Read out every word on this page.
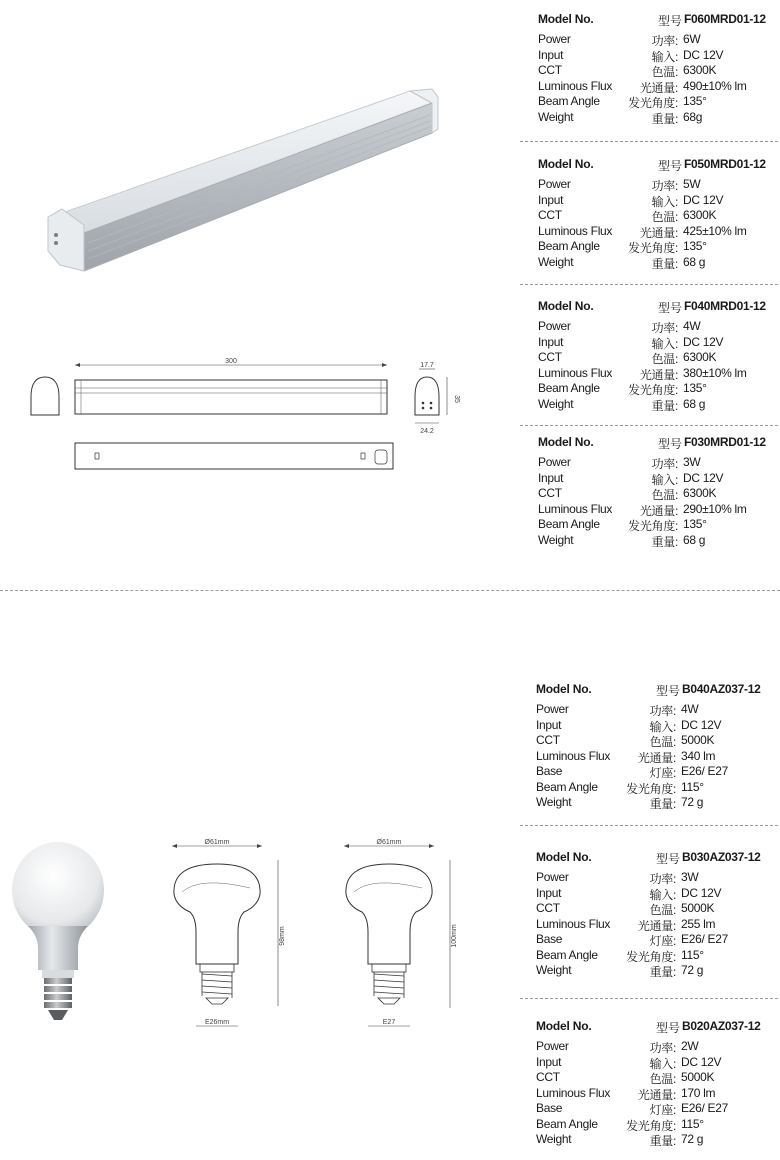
300
17.7
35
24.2
Model No.	型号 F060MRD01-12
Power	功率: 6W
Input	输入: DC 12V
CCT	色温: 6300K
Luminous Flux	光通量: 490±10% lm
Beam Angle	发光角度: 135°
Weight	重量: 68g
Model No.	型号 F050MRD01-12
Power	功率: 5W
Input	输入: DC 12V
CCT	色温: 6300K
Luminous Flux	光通量: 425±10% lm
Beam Angle	发光角度: 135°
Weight	重量: 68 g
Model No.	型号 F040MRD01-12
Power	功率: 4W
Input	输入: DC 12V
CCT	色温: 6300K
Luminous Flux	光通量: 380±10% lm
Beam Angle	发光角度: 135°
Weight	重量: 68 g
Model No.	型号 F030MRD01-12
Power	功率: 3W
Input	输入: DC 12V
CCT	色温: 6300K
Luminous Flux	光通量: 290±10% lm
Beam Angle	发光角度: 135°
Weight	重量: 68 g
Ø61mm
98mm
E26mm
Ø61mm
100mm
E27
Model No.	型号 B040AZ037-12
Power	功率: 4W
Input	输入: DC 12V
CCT	色温: 5000K
Luminous Flux	光通量: 340 lm
Base	灯座: E26/ E27
Beam Angle	发光角度: 115°
Weight	重量: 72 g
Model No.	型号 B030AZ037-12
Power	功率: 3W
Input	输入: DC 12V
CCT	色温: 5000K
Luminous Flux	光通量: 255 lm
Base	灯座: E26/ E27
Beam Angle	发光角度: 115°
Weight	重量: 72 g
Model No.	型号 B020AZ037-12
Power	功率: 2W
Input	输入: DC 12V
CCT	色温: 5000K
Luminous Flux	光通量: 170 lm
Base	灯座: E26/ E27
Beam Angle	发光角度: 115°
Weight	重量: 72 g
